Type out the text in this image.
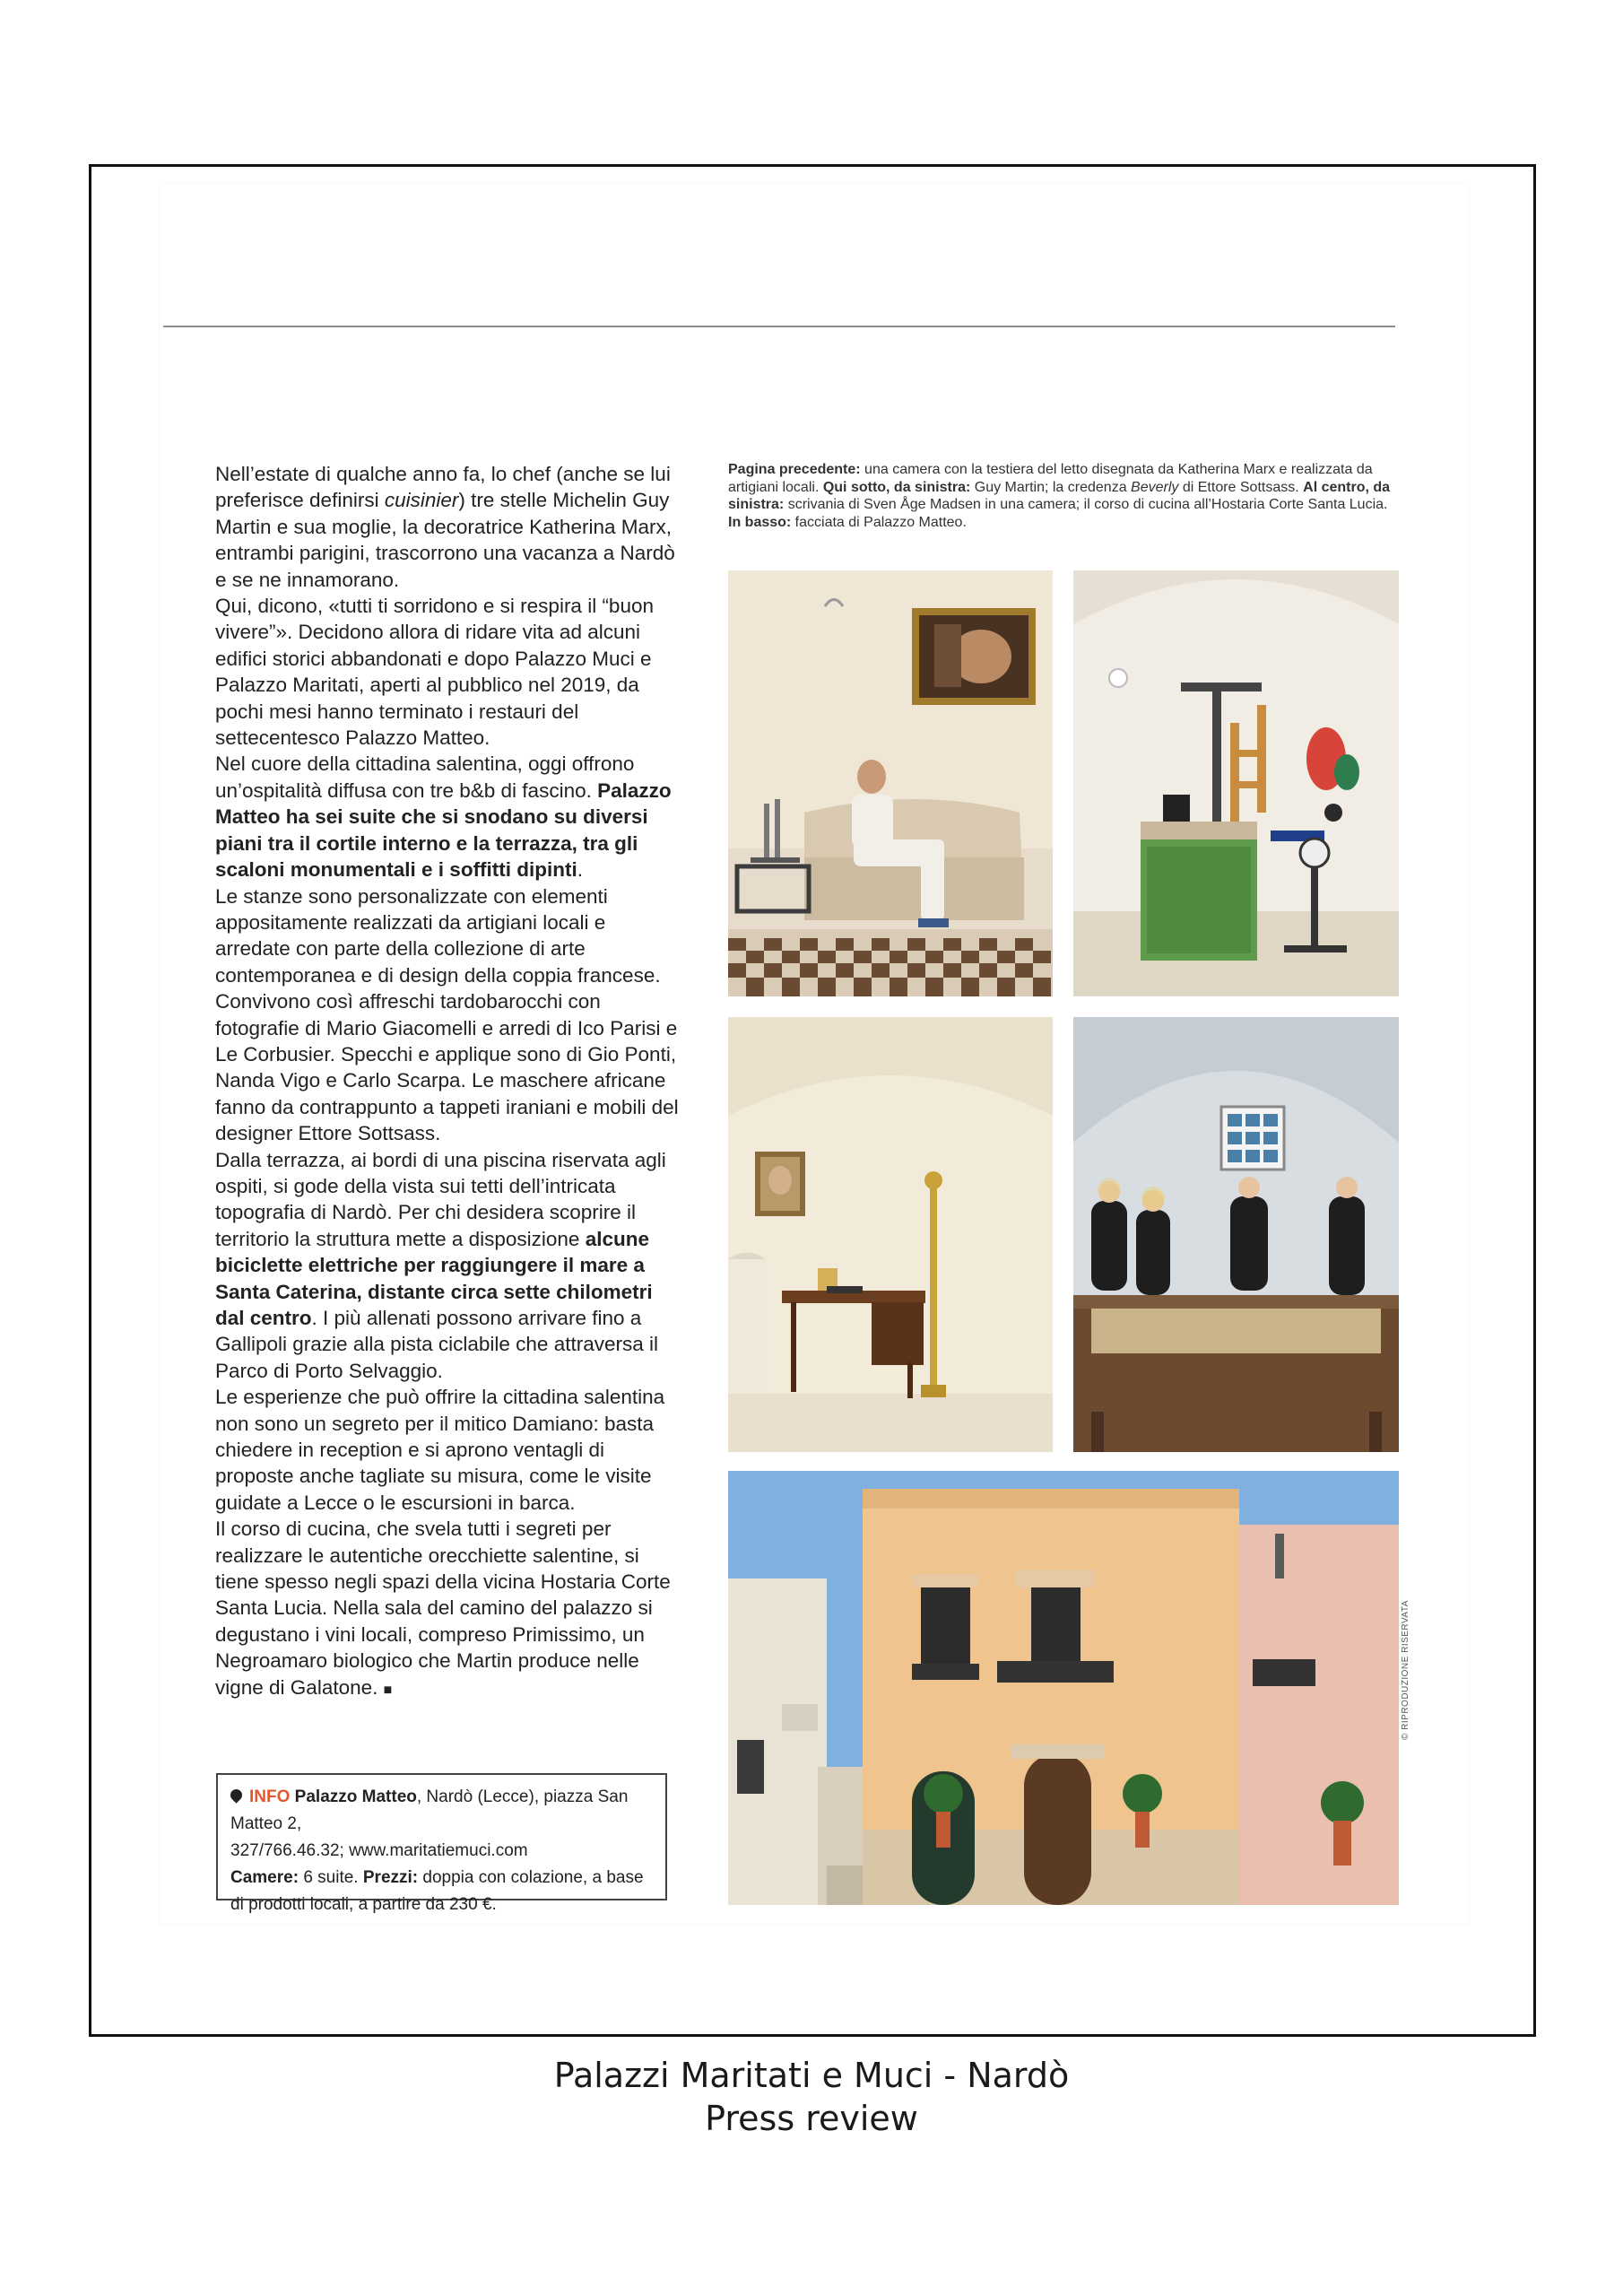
Nell’estate di qualche anno fa, lo chef (anche se lui preferisce definirsi cuisinier) tre stelle Michelin Guy Martin e sua moglie, la decoratrice Katherina Marx, entrambi parigini, trascorrono una vacanza a Nardò e se ne innamorano.

Qui, dicono, «tutti ti sorridono e si respira il “buon vivere”». Decidono allora di ridare vita ad alcuni edifici storici abbandonati e dopo Palazzo Muci e Palazzo Maritati, aperti al pubblico nel 2019, da pochi mesi hanno terminato i restauri del settecentesco Palazzo Matteo.

Nel cuore della cittadina salentina, oggi offrono un’ospitalità diffusa con tre b&b di fascino. Palazzo Matteo ha sei suite che si snodano su diversi piani tra il cortile interno e la terrazza, tra gli scaloni monumentali e i soffitti dipinti.

Le stanze sono personalizzate con elementi appositamente realizzati da artigiani locali e arredate con parte della collezione di arte contemporanea e di design della coppia francese. Convivono così affreschi tardobarocchi con fotografie di Mario Giacomelli e arredi di Ico Parisi e Le Corbusier. Specchi e applique sono di Gio Ponti, Nanda Vigo e Carlo Scarpa. Le maschere africane fanno da contrappunto a tappeti iraniani e mobili del designer Ettore Sottsass.

Dalla terrazza, ai bordi di una piscina riservata agli ospiti, si gode della vista sui tetti dell’intricata topografia di Nardò. Per chi desidera scoprire il territorio la struttura mette a disposizione alcune biciclette elettriche per raggiungere il mare a Santa Caterina, distante circa sette chilometri dal centro. I più allenati possono arrivare fino a Gallipoli grazie alla pista ciclabile che attraversa il Parco di Porto Selvaggio.

Le esperienze che può offrire la cittadina salentina non sono un segreto per il mitico Damiano: basta chiedere in reception e si aprono ventagli di proposte anche tagliate su misura, come le visite guidate a Lecce o le escursioni in barca.

Il corso di cucina, che svela tutti i segreti per realizzare le autentiche orecchiette salentine, si tiene spesso negli spazi della vicina Hostaria Corte Santa Lucia. Nella sala del camino del palazzo si degustano i vini locali, compreso Primissimo, un Negroamaro biologico che Martin produce nelle vigne di Galatone. ■

Pagina precedente: una camera con la testiera del letto disegnata da Katherina Marx e realizzata da artigiani locali. Qui sotto, da sinistra: Guy Martin; la credenza Beverly di Ettore Sottsass. Al centro, da sinistra: scrivania di Sven Åge Madsen in una camera; il corso di cucina all’Hostaria Corte Santa Lucia. In basso: facciata di Palazzo Matteo.

© RIPRODUZIONE RISERVATA

INFO Palazzo Matteo, Nardò (Lecce), piazza San Matteo 2,

327/766.46.32; www.maritatiemuci.com

Camere: 6 suite. Prezzi: doppia con colazione, a base

di prodotti locali, a partire da 230 €.

Palazzi Maritati e Muci - Nardò
Press review
